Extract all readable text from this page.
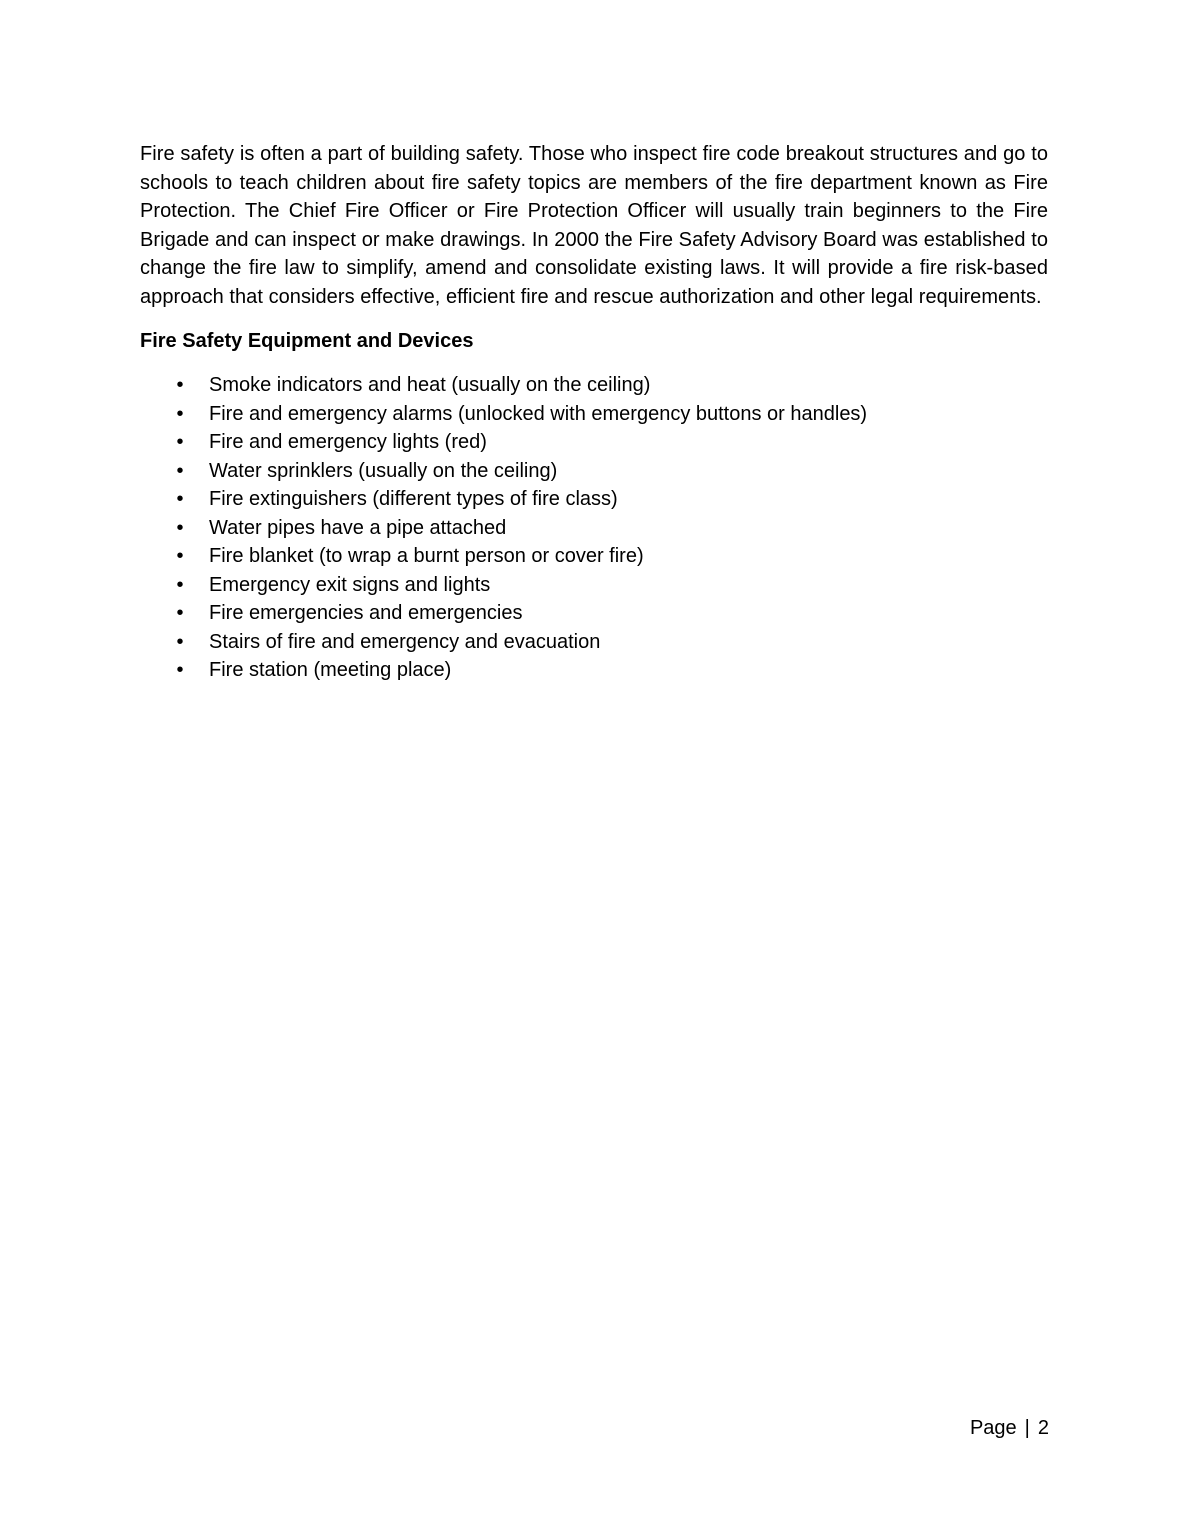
Fire safety is often a part of building safety. Those who inspect fire code breakout structures and go to schools to teach children about fire safety topics are members of the fire department known as Fire Protection. The Chief Fire Officer or Fire Protection Officer will usually train beginners to the Fire Brigade and can inspect or make drawings. In 2000 the Fire Safety Advisory Board was established to change the fire law to simplify, amend and consolidate existing laws. It will provide a fire risk-based approach that considers effective, efficient fire and rescue authorization and other legal requirements.

Fire Safety Equipment and Devices
• Smoke indicators and heat (usually on the ceiling)
• Fire and emergency alarms (unlocked with emergency buttons or handles)
• Fire and emergency lights (red)
• Water sprinklers (usually on the ceiling)
• Fire extinguishers (different types of fire class)
• Water pipes have a pipe attached
• Fire blanket (to wrap a burnt person or cover fire)
• Emergency exit signs and lights
• Fire emergencies and emergencies
• Stairs of fire and emergency and evacuation
• Fire station (meeting place)
Page | 2
